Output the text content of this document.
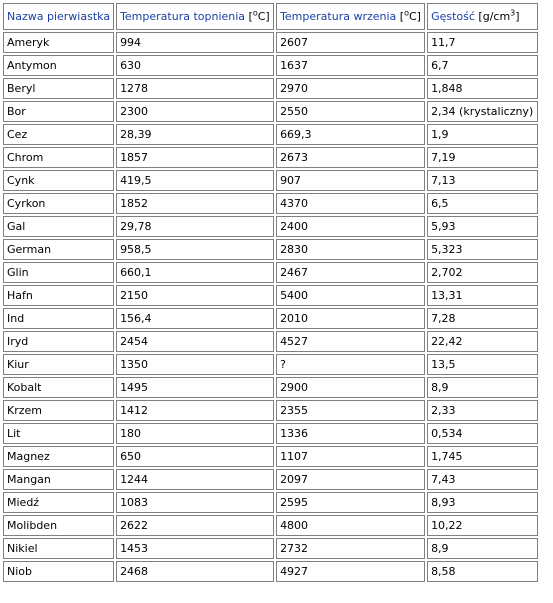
Nazwa pierwiastka	Temperatura topnienia [$^o$C]	Temperatura wrzenia [$^o$C]	Gęstość $[g/cm^3]$
Ameryk	994	2607	11,7
Antymon	630	1637	6,7
Beryl	1278	2970	1,848
Bor	2300	2550	2,34 (krystaliczny)
Cez	28,39	669,3	1,9
Chrom	1857	2673	7,19
Cynk	419,5	907	7,13
Cyrkon	1852	4370	6,5
Gal	29,78	2400	5,93
German	958,5	2830	5,323
Glin	660,1	2467	2,702
Hafn	2150	5400	13,31
Ind	156,4	2010	7,28
Iryd	2454	4527	22,42
Kiur	1350	?	13,5
Kobalt	1495	2900	8,9
Krzem	1412	2355	2,33
Lit	180	1336	0,534
Magnez	650	1107	1,745
Mangan	1244	2097	7,43
Miedź	1083	2595	8,93
Molibden	2622	4800	10,22
Nikiel	1453	2732	8,9
Niob	2468	4927	8,58
